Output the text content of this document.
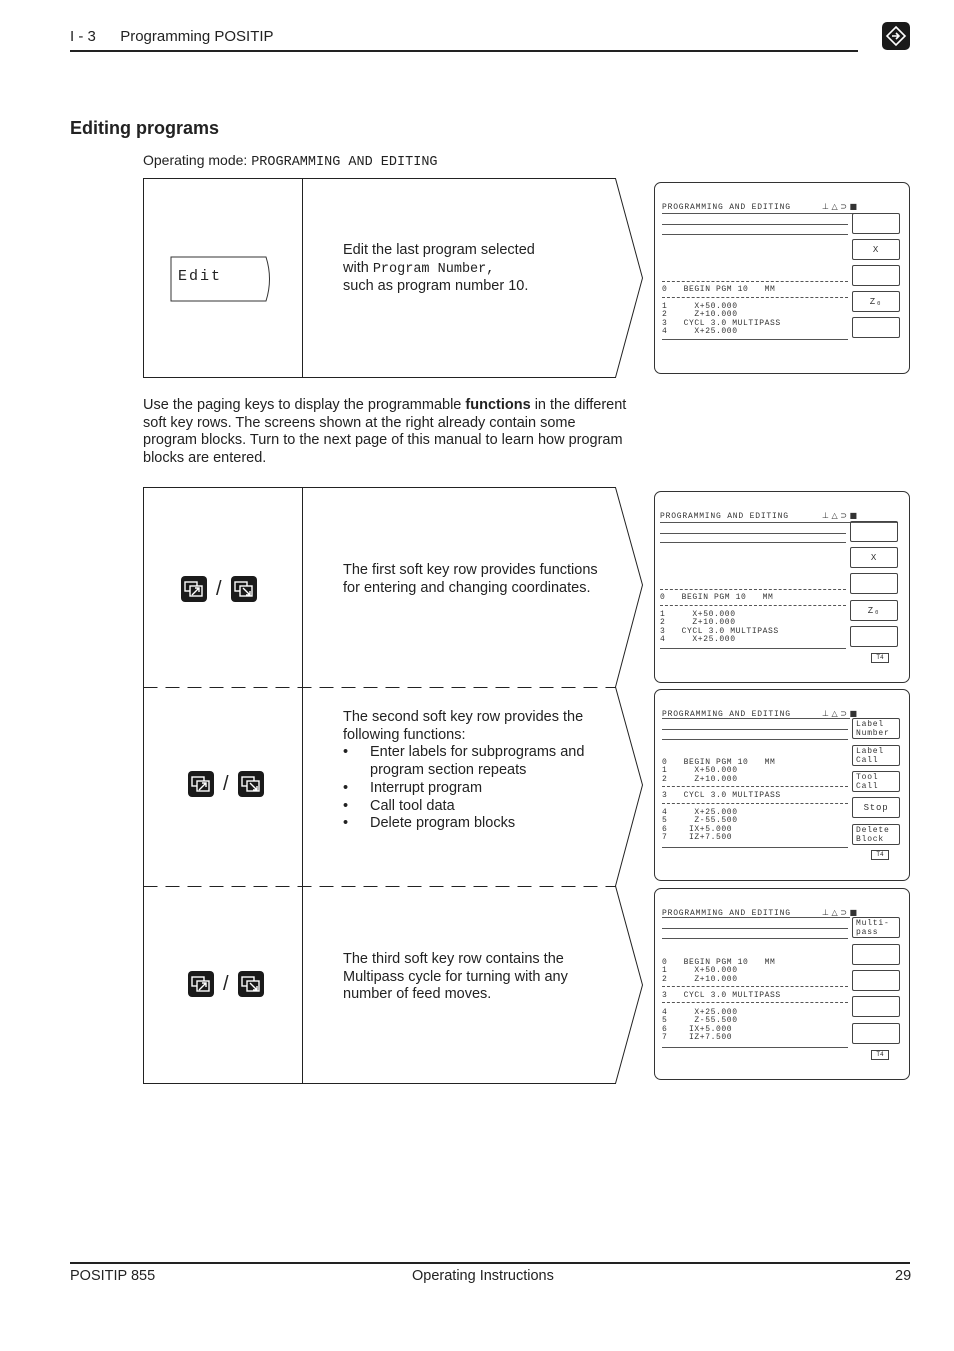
I - 3 Programming POSITIP
Editing programs
Operating mode: PROGRAMMING AND EDITING
Edit
Edit the last program selected
with Program Number,
such as program number 10.
Use the paging keys to display the programmable functions in the different soft key rows. The screens shown at the right already contain some program blocks. Turn to the next page of this manual to learn how program blocks are entered.
/
The first soft key row provides functions for entering and changing coordinates.
/
The second soft key row provides the following functions:
• Enter labels for subprograms and program section repeats
• Interrupt program
• Call tool data
• Delete program blocks
/
The third soft key row contains the Multipass cycle for turning with any number of feed moves.
PROGRAMMING AND EDITING	⊥ △ ⊃ ■
0   BEGIN PGM 10   MM
1     X+50.000
2     Z+10.000
3   CYCL 3.0 MULTIPASS
4     X+25.000
X
Z₀
PROGRAMMING AND EDITING	⊥ △ ⊃ ■
0   BEGIN PGM 10   MM
1     X+50.000
2     Z+10.000
3   CYCL 3.0 MULTIPASS
4     X+25.000
X
Z₀
T4
PROGRAMMING AND EDITING	⊥ △ ⊃ ■
0   BEGIN PGM 10   MM
1     X+50.000
2     Z+10.000
3   CYCL 3.0 MULTIPASS
4     X+25.000
5     Z-55.500
6    IX+5.000
7    IZ+7.500
Label Number
Label Call
Tool Call
Stop
Delete Block
T4
PROGRAMMING AND EDITING	⊥ △ ⊃ ■
0   BEGIN PGM 10   MM
1     X+50.000
2     Z+10.000
3   CYCL 3.0 MULTIPASS
4     X+25.000
5     Z-55.500
6    IX+5.000
7    IZ+7.500
Multi- pass
T4
POSITIP 855	Operating Instructions	29
